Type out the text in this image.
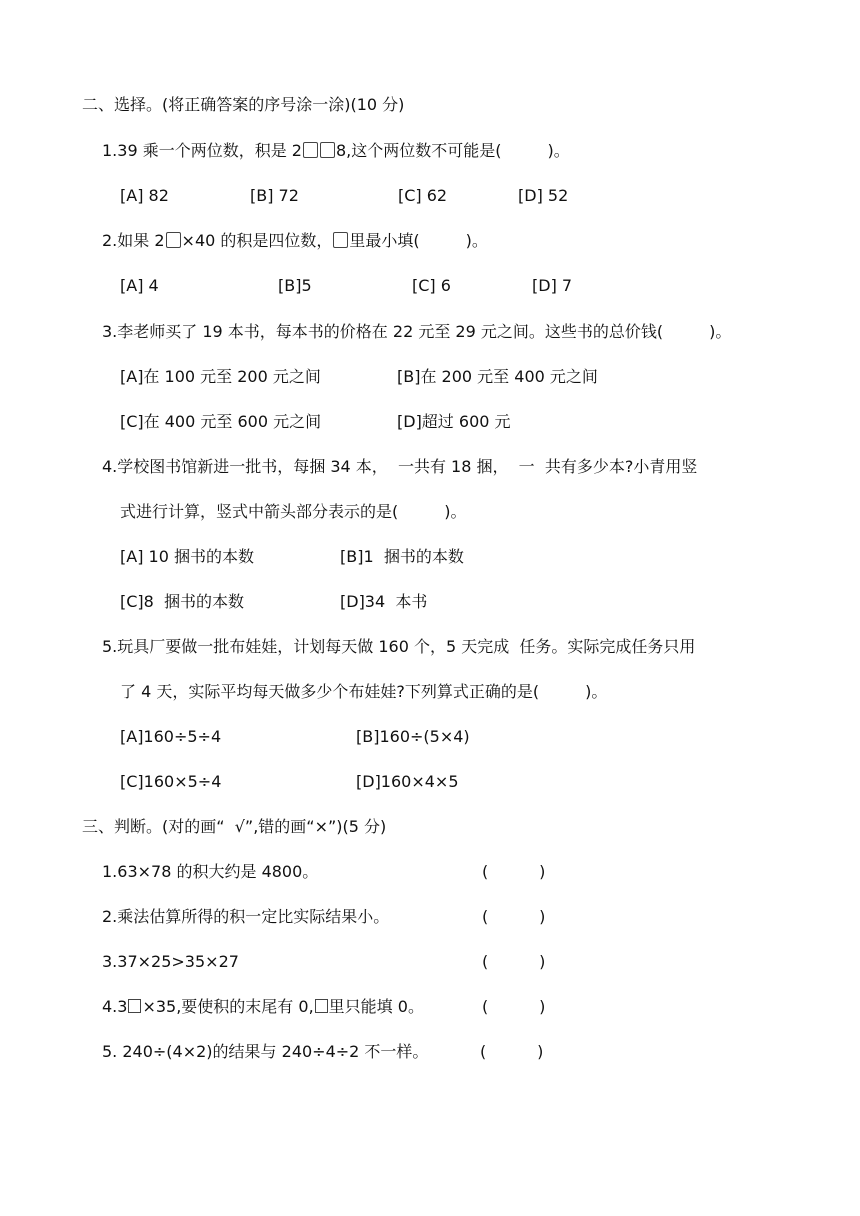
二、选择。(将正确答案的序号涂一涂)(10 分)
1.39 乘一个两位数，积是 2 8,这个两位数不可能是(	)。
[A] 82	[B] 72	[C] 62	[D] 52
2.如果 2 ×40 的积是四位数， 里最小填(	)。
[A] 4	[B]5	[C] 6	[D] 7
3.李老师买了 19 本书，每本书的价格在 22 元至 29 元之间。这些书的总价钱(	)。
[A]在 100 元至 200 元之间	[B]在 200 元至 400 元之间
[C]在 400 元至 600 元之间	[D]超过 600 元
4.学校图书馆新进一批书，每捆 34 本，  一共有 18 捆，  一  共有多少本?小青用竖
式进行计算，竖式中箭头部分表示的是(	)。
[A] 10 捆书的本数	[B]1  捆书的本数
[C]8  捆书的本数	[D]34  本书
5.玩具厂要做一批布娃娃，计划每天做 160 个，5 天完成  任务。实际完成任务只用
了 4 天，实际平均每天做多少个布娃娃?下列算式正确的是(	)。
[A]160÷5÷4	[B]160÷(5×4)
[C]160×5÷4	[D]160×4×5
三、判断。(对的画“  √”,错的画“×”)(5 分)
1.63×78 的积大约是 4800。	(          )
2.乘法估算所得的积一定比实际结果小。	(          )
3.37×25>35×27	(          )
4.3 ×35,要使积的末尾有 0, 里只能填 0。	(          )
5. 240÷(4×2)的结果与 240÷4÷2 不一样。	(          )
